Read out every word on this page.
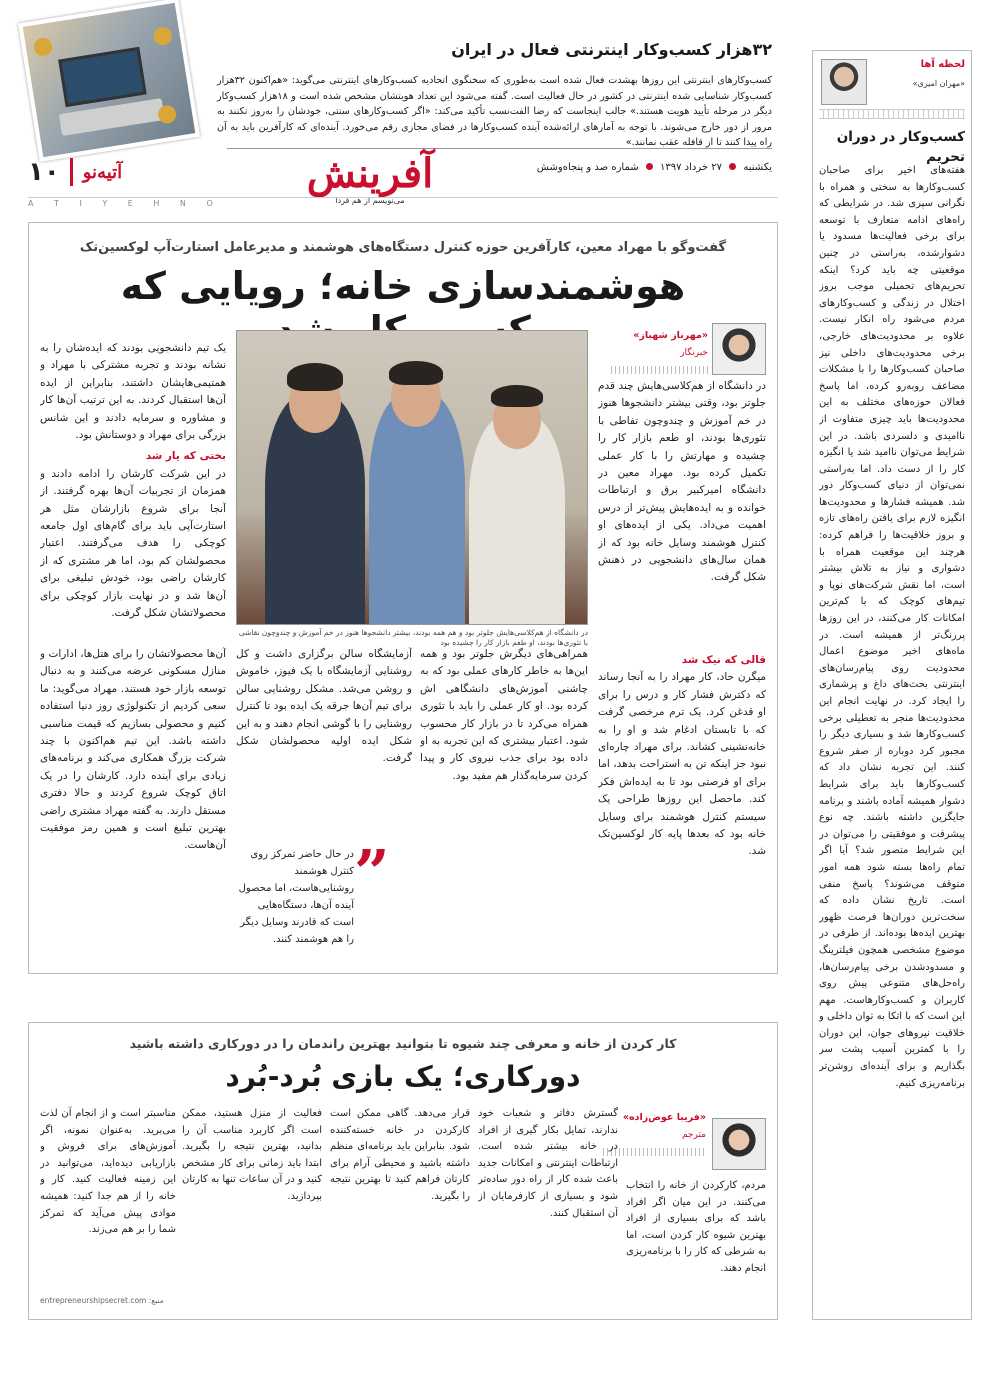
۳۲هزار کسب‌وکار اینترنتی فعال در ایران
کسب‌وکارهای اینترنتی این روزها بهشدت فعال شده است به‌طوری که سخنگوی اتحادیه کسب‌وکارهای اینترنتی می‌گوید: «هم‌اکنون ۳۲هزار کسب‌وکار شناسایی شده اینترنتی در کشور در حال فعالیت است. گفته می‌شود این تعداد هویتشان مشخص شده است و ۱۸هزار کسب‌وکار دیگر در مرحله تأیید هویت هستند.» جالب اینجاست که رضا الفت‌نسب تأکید می‌کند: «اگر کسب‌وکارهای سنتی، خودشان را به‌روز نکنند به مرور از دور خارج می‌شوند. با توجه به آمارهای ارائه‌شده آینده کسب‌وکارها در فضای مجازی رقم می‌خورد. آینده‌ای که کارآفرین باید به آن راه پیدا کنند تا از قافله عقب نمانند.»
یکشنبه  ۲۷ خرداد ۱۳۹۷  شماره صد و پنجاه‌وشش
آفرینش
می‌نویسم از هم فردا
۱۰ آتیه‌نو
A T I Y E H N O
لحظه آ‌ها
«مهران امیری»
کسب‌وکار در دوران تحریم
هفته‌های اخیر برای صاحبان کسب‌وکارها به سختی و همراه با نگرانی سپری شد. در شرایطی که راه‌های ادامه متعارف با توسعه برای برخی فعالیت‌ها مسدود یا دشوارشده، به‌راستی در چنین موقعیتی چه باید کرد؟ اینکه تحریم‌های تحمیلی موجب بروز اختلال در زندگی و کسب‌وکارهای مردم می‌شود راه انکار نیست. علاوه بر محدودیت‌های خارجی، برخی محدودیت‌های داخلی نیز صاحبان کسب‌وکارها را با مشکلات مضاعف روبه‌رو کرده، اما پاسخ فعالان حوزه‌های مختلف به این محدودیت‌ها باید چیزی متفاوت از ناامیدی و دلسردی باشد. در این شرایط می‌توان ناامید شد یا انگیزه کار را از دست داد. اما به‌راستی نمی‌توان از دنیای کسب‌وکار دور شد. همیشه فشارها و محدودیت‌ها انگیزه لازم برای یافتن راه‌های تازه و بروز خلاقیت‌ها را فراهم کرده: هرچند این موقعیت همراه با دشواری و نیاز به تلاش بیشتر است، اما نقش شرکت‌های نوپا و تیم‌های کوچک که با کم‌ترین امکانات کار می‌کنند، در این روزها پررنگ‌تر از همیشه است. در ماه‌های اخیر موضوع اعمال محدودیت روی پیام‌رسان‌های اینترنتی بحث‌های داغ و پرشماری را ایجاد کرد. در نهایت انجام این محدودیت‌ها منجر به تعطیلی برخی کسب‌وکارها شد و بسیاری دیگر را مجبور کرد دوباره از صفر شروع کنند. این تجربه نشان داد که کسب‌وکارها باید برای شرایط دشوار همیشه آماده باشند و برنامه جایگزین داشته باشند. چه نوع پیشرفت و موفقیتی را می‌توان در این شرایط متصور شد؟ آیا اگر تمام راه‌ها بسته شود همه امور متوقف می‌شوند؟ پاسخ منفی است. تاریخ نشان داده که سخت‌ترین دوران‌ها فرصت ظهور بهترین ایده‌ها بوده‌اند. از طرفی در موضوع مشخصی همچون فیلترینگ و مسدودشدن برخی پیام‌رسان‌ها، راه‌حل‌های متنوعی پیش روی کاربران و کسب‌وکارهاست. مهم این است که با اتکا به توان داخلی و خلاقیت نیروهای جوان، این دوران را با کمترین آسیب پشت سر بگذاریم و برای آینده‌ای روشن‌تر برنامه‌ریزی کنیم.
گفت‌وگو با مهراد معین، کارآفرین حوزه کنترل دستگاه‌های هوشمند و مدیرعامل استارت‌آپ لوکسین‌تک
هوشمندسازی خانه؛ رویایی که
در دانشگاه از هم‌کلاسی‌هایش جلوتر بود و هم همه بودند، بیشتر دانشجوها هنوز در خم آموزش و چندوچون نقاشی با تئوری‌ها بودند، او طعم بازار کار را چشیده بود
«مهرناز شهباز»
خبرنگار
در دانشگاه از هم‌کلاسی‌هایش چند قدم جلوتر بود، وقتی بیشتر دانشجوها هنوز در خم آموزش و چندوچون تفاطی با تئوری‌ها بودند، او طعم بازار کار را چشیده و مهارتش را با کار عملی تکمیل کرده بود. مهراد معین در دانشگاه امیرکبیر برق و ارتباطات خوانده و به ایده‌هایش پیش‌تر از درس اهمیت می‌داد. یکی از ایده‌های او کنترل هوشمند وسایل خانه بود که از همان سال‌های دانشجویی در ذهنش شکل گرفت.
یک تیم دانشجویی بودند که ایده‌شان را به نشانه بودند و تجربه مشترکی با مهراد و همتیمی‌هایشان داشتند، بنابراین از ایده آن‌ها استقبال کردند. به این ترتیب آن‌ها کار و مشاوره و سرمایه دادند و این شانس بزرگی برای مهراد و دوستانش بود.
بختی که یار شد
در این شرکت کارشان را ادامه دادند و همزمان از تجربیات آن‌ها بهره گرفتند. از آنجا برای شروع بازارشان مثل هر استارت‌آپی باید برای گام‌های اول جامعه کوچکی را هدف می‌گرفتند. اعتبار محصولشان کم بود، اما هر مشتری که از کارشان راضی بود، خودش تبلیغی برای آن‌ها شد و در نهایت بازار کوچکی برای محصولاتشان شکل گرفت.
قالی که نیک شد
میگرن حاد، کار مهراد را به آنجا رساند که دکترش فشار کار و درس را برای او قدغن کرد. یک ترم مرخصی گرفت که با تابستان ادغام شد و او را به خانه‌نشینی کشاند. برای مهراد چاره‌ای نبود جز اینکه تن به استراحت بدهد، اما برای او فرصتی بود تا به ایده‌اش فکر کند. ماحصل این روزها طراحی یک سیستم کنترل هوشمند برای وسایل خانه بود که بعدها پایه کار لوکسین‌تک شد.
همراهی‌های دیگرش جلوتر بود و همه این‌ها به خاطر کارهای عملی بود که به چاشنی آموزش‌های دانشگاهی اش کرده بود. او کار عملی را باید با تئوری همراه می‌کرد تا در بازار کار محسوب شود. اعتبار بیشتری که این تجربه به او داده بود برای جذب نیروی کار و پیدا کردن سرمایه‌گذار هم مفید بود.
آزمایشگاه سالن برگزاری داشت و کل روشنایی آزمایشگاه با یک فیوز، خاموش و روشن می‌شد. مشکل روشنایی سالن برای تیم آن‌ها جرقه یک ایده بود تا کنترل روشنایی را با گوشی انجام دهند و به این شکل ایده اولیه محصولشان شکل گرفت.
آن‌ها محصولاتشان را برای هتل‌ها، ادارات و منازل مسکونی عرضه می‌کنند و به دنبال توسعه بازار خود هستند. مهراد می‌گوید: ما سعی کردیم از تکنولوژی روز دنیا استفاده کنیم و محصولی بسازیم که قیمت مناسبی داشته باشد. این تیم هم‌اکنون با چند شرکت بزرگ همکاری می‌کند و برنامه‌های زیادی برای آینده دارد. کارشان را در یک اتاق کوچک شروع کردند و حالا دفتری مستقل دارند. به گفته مهراد مشتری راضی بهترین تبلیغ است و همین رمز موفقیت آن‌هاست. ”
در حال حاضر تمرکز روی کنترل هوشمند روشنایی‌هاست، اما محصول آینده آن‌ها، دستگاه‌هایی است که قادرند وسایل دیگر را هم هوشمند کنند.
کار کردن از خانه و معرفی چند شیوه تا بتوانید بهترین راندمان را در دورکاری داشته باشید
دورکاری؛ یک بازی بُرد-بُرد
«فریبا عوض‌زاده»
مترجم
مردم، کارکردن از خانه را انتخاب می‌کنند. در این میان اگر افراد باشد که برای بسیاری از افراد بهترین شیوه کار کردن است، اما به شرطی که کار را با برنامه‌ریزی انجام دهند.
گسترش دفاتر و شعبات خود ندارند، تمایل بکار گیری از افراد در خانه بیشتر شده است. ارتباطات اینترنتی و امکانات جدید باعث شده کار از راه دور ساده‌تر شود و بسیاری از کارفرمایان از آن استقبال کنند.
قرار می‌دهد. گاهی ممکن است کارکردن در خانه خسته‌کننده شود. بنابراین باید برنامه‌ای منظم داشته باشید و محیطی آرام برای کارتان فراهم کنید تا بهترین نتیجه را بگیرید.
فعالیت از منزل هستید، ممکن است اگر کاربرد مناسب آن را بدانید، بهترین نتیجه را بگیرید. ابتدا باید زمانی برای کار مشخص کنید و در آن ساعات تنها به کارتان بپردازید.
مناسبتر است و از انجام آن لذت می‌برید. به‌عنوان نمونه، اگر آموزش‌های برای فروش و بازاریابی دیده‌اید، می‌توانید در این زمینه فعالیت کنید. کار و خانه را از هم جدا کنید: همیشه موادی پیش می‌آید که تمرکز شما را بر هم می‌زند.
entrepreneurshipsecret.com :منبع
